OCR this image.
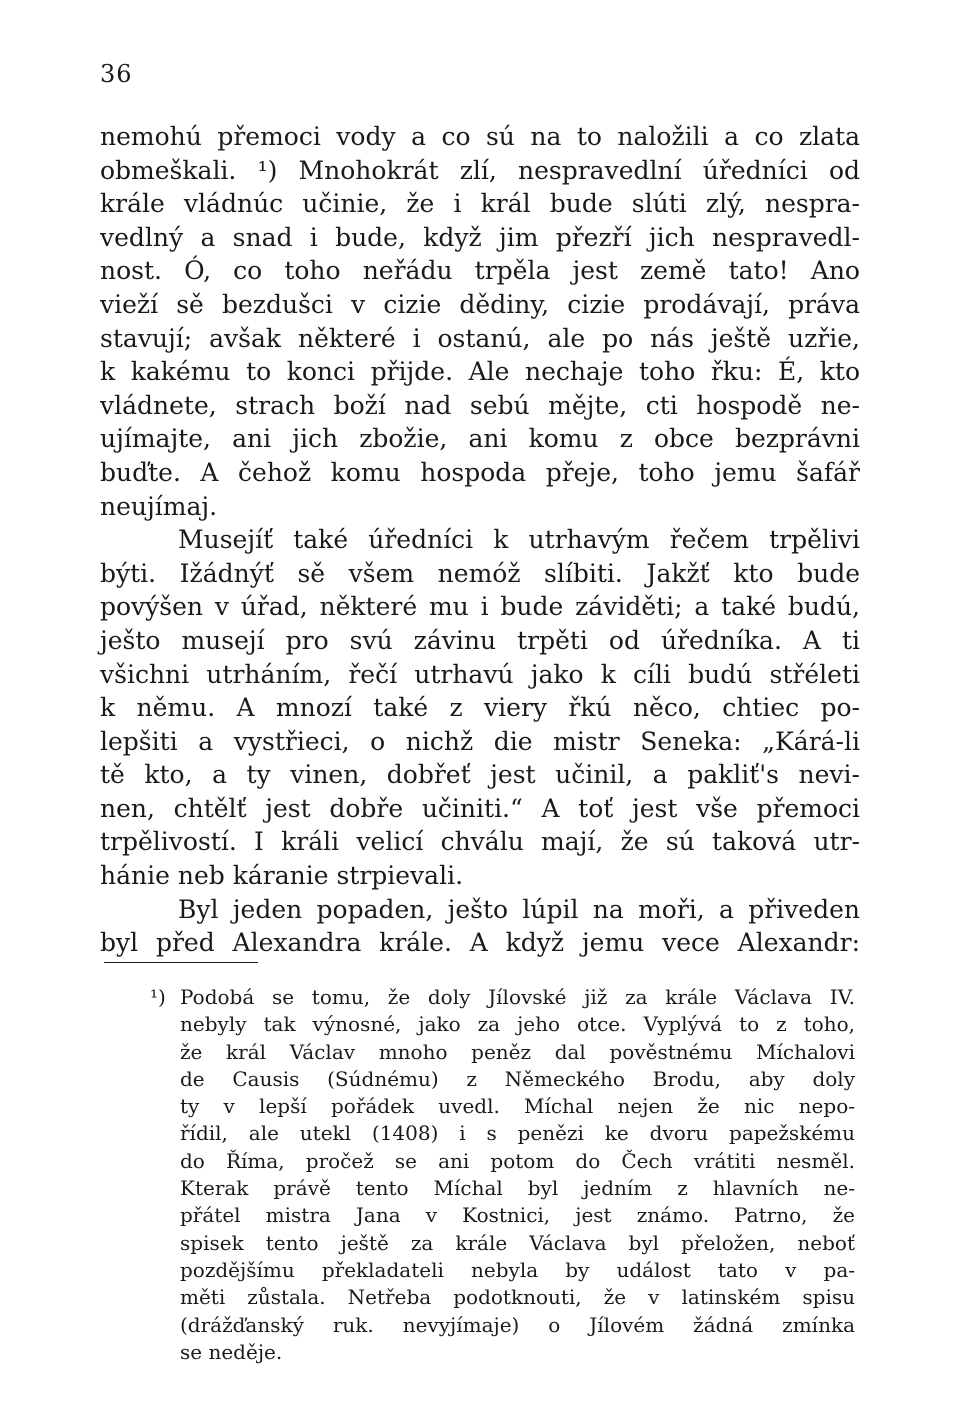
36
nemohú přemoci vody a co sú na to naložili a co zlata
obmeškali. ¹) Mnohokrát zlí, nespravedlní úředníci od
krále vládnúc učinie, že i král bude slúti zlý, nespra-
vedlný a snad i bude, když jim přezří jich nespravedl-
nost. Ó, co toho neřádu trpěla jest země tato! Ano
vieží sě bezdušci v cizie dědiny, cizie prodávají, práva
stavují; avšak některé i ostanú, ale po nás ještě uzřie,
k kakému to konci přijde. Ale nechaje toho řku: É, kto
vládnete, strach boží nad sebú mějte, cti hospodě ne-
ujímajte, ani jich zbožie, ani komu z obce bezprávni
buďte. A čehož komu hospoda přeje, toho jemu šafář
neujímaj.
Musejíť také úředníci k utrhavým řečem trpělivi
býti. Ižádnýť sě všem nemóž slíbiti. Jakžť kto bude
povýšen v úřad, některé mu i bude záviděti; a také budú,
ješto musejí pro svú závinu trpěti od úředníka. A ti
všichni utrháním, řečí utrhavú jako k cíli budú střéleti
k němu. A mnozí také z viery řkú něco, chtiec po-
lepšiti a vystřieci, o nichž die mistr Seneka: „Kárá-li
tě kto, a ty vinen, dobřeť jest učinil, a pakliť's nevi-
nen, chtělť jest dobře učiniti.“ A toť jest vše přemoci
trpělivostí. I králi velicí chválu mají, že sú taková utr-
hánie neb káranie strpievali.
Byl jeden popaden, ješto lúpil na moři, a přiveden
byl před Alexandra krále. A když jemu vece Alexandr:
¹) Podobá se tomu, že doly Jílovské již za krále Václava IV.
nebyly tak výnosné, jako za jeho otce. Vyplývá to z toho,
že král Václav mnoho peněz dal pověstnému Míchalovi
de Causis (Súdnému) z Německého Brodu, aby doly
ty v lepší pořádek uvedl. Míchal nejen že nic nepo-
řídil, ale utekl (1408) i s penězi ke dvoru papežskému
do Říma, pročež se ani potom do Čech vrátiti nesměl.
Kterak právě tento Míchal byl jedním z hlavních ne-
přátel mistra Jana v Kostnici, jest známo. Patrno, že
spisek tento ještě za krále Václava byl přeložen, neboť
pozdějšímu překladateli nebyla by událost tato v pa-
měti zůstala. Netřeba podotknouti, že v latinském spisu
(drážďanský ruk. nevyjímaje) o Jílovém žádná zmínka
se neděje.
